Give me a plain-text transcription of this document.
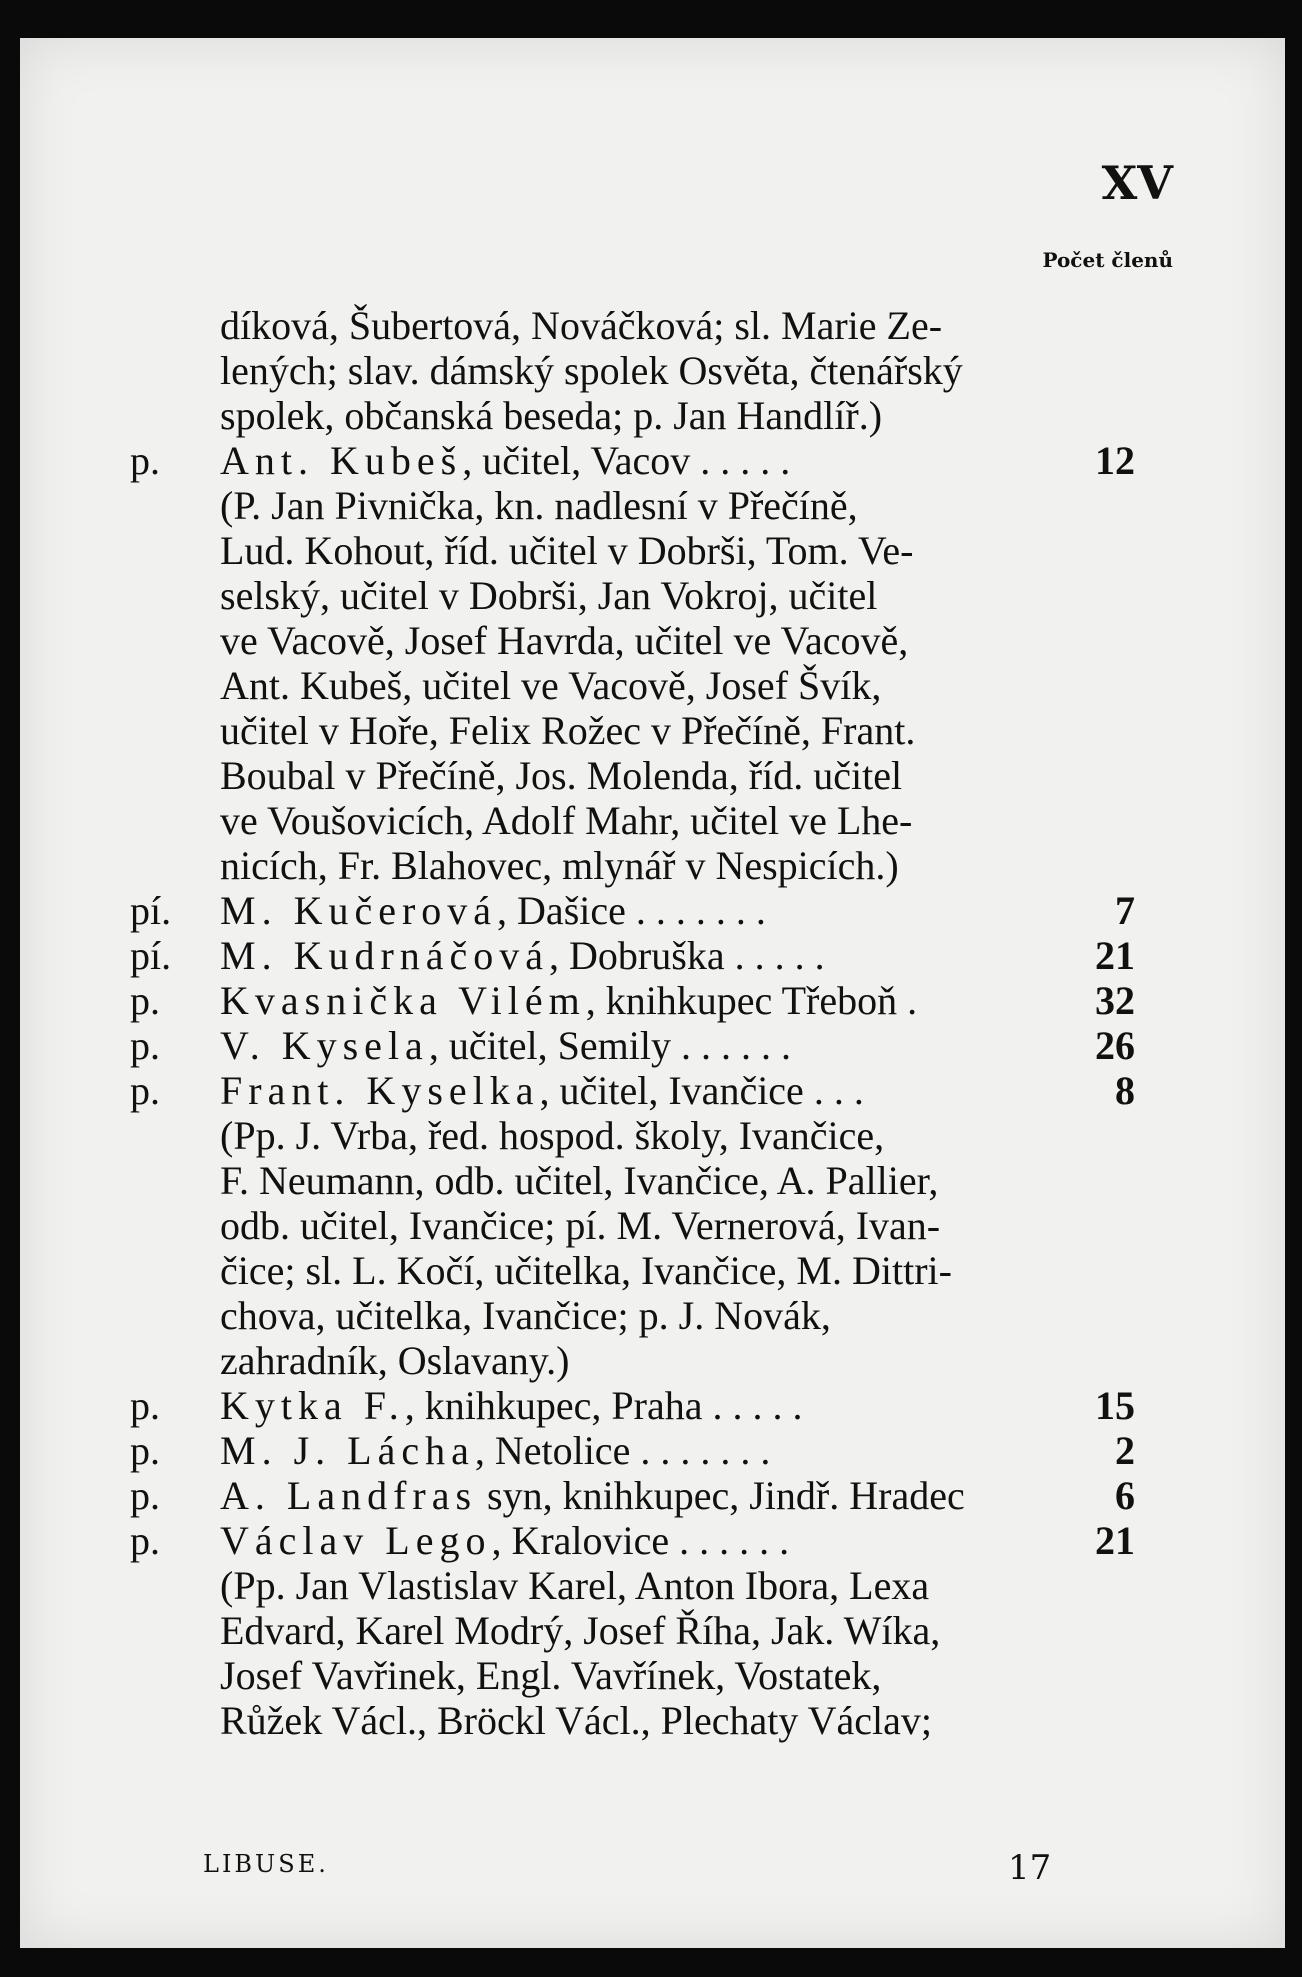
XV
Počet členů
díková, Šubertová, Nováčková; sl. Marie Ze-
lených; slav. dámský spolek Osvěta, čtenářský
spolek, občanská beseda; p. Jan Handlíř.)
p.	Ant. Kubeš, učitel, Vacov . . . . .	12
(P. Jan Pivnička, kn. nadlesní v Přečíně,
Lud. Kohout, říd. učitel v Dobrši, Tom. Ve-
selský, učitel v Dobrši, Jan Vokroj, učitel
ve Vacově, Josef Havrda, učitel ve Vacově,
Ant. Kubeš, učitel ve Vacově, Josef Švík,
učitel v Hoře, Felix Rožec v Přečíně, Frant.
Boubal v Přečíně, Jos. Molenda, říd. učitel
ve Voušovicích, Adolf Mahr, učitel ve Lhe-
nicích, Fr. Blahovec, mlynář v Nespicích.)
pí.	M. Kučerová, Dašice . . . . . . .	7
pí.	M. Kudrnáčová, Dobruška . . . . .	21
p.	Kvasnička Vilém, knihkupec Třeboň .	32
p.	V. Kysela, učitel, Semily . . . . . .	26
p.	Frant. Kyselka, učitel, Ivančice . . .	8
(Pp. J. Vrba, řed. hospod. školy, Ivančice,
F. Neumann, odb. učitel, Ivančice, A. Pallier,
odb. učitel, Ivančice; pí. M. Vernerová, Ivan-
čice; sl. L. Kočí, učitelka, Ivančice, M. Dittri-
chova, učitelka, Ivančice; p. J. Novák,
zahradník, Oslavany.)
p.	Kytka F., knihkupec, Praha . . . . .	15
p.	M. J. Lácha, Netolice . . . . . . .	2
p.	A. Landfras syn, knihkupec, Jindř. Hradec	6
p.	Václav Lego, Kralovice . . . . . .	21
(Pp. Jan Vlastislav Karel, Anton Ibora, Lexa
Edvard, Karel Modrý, Josef Říha, Jak. Wíka,
Josef Vavřinek, Engl. Vavřínek, Vostatek,
Růžek Václ., Bröckl Václ., Plechaty Václav;
LIBUSE.	17
